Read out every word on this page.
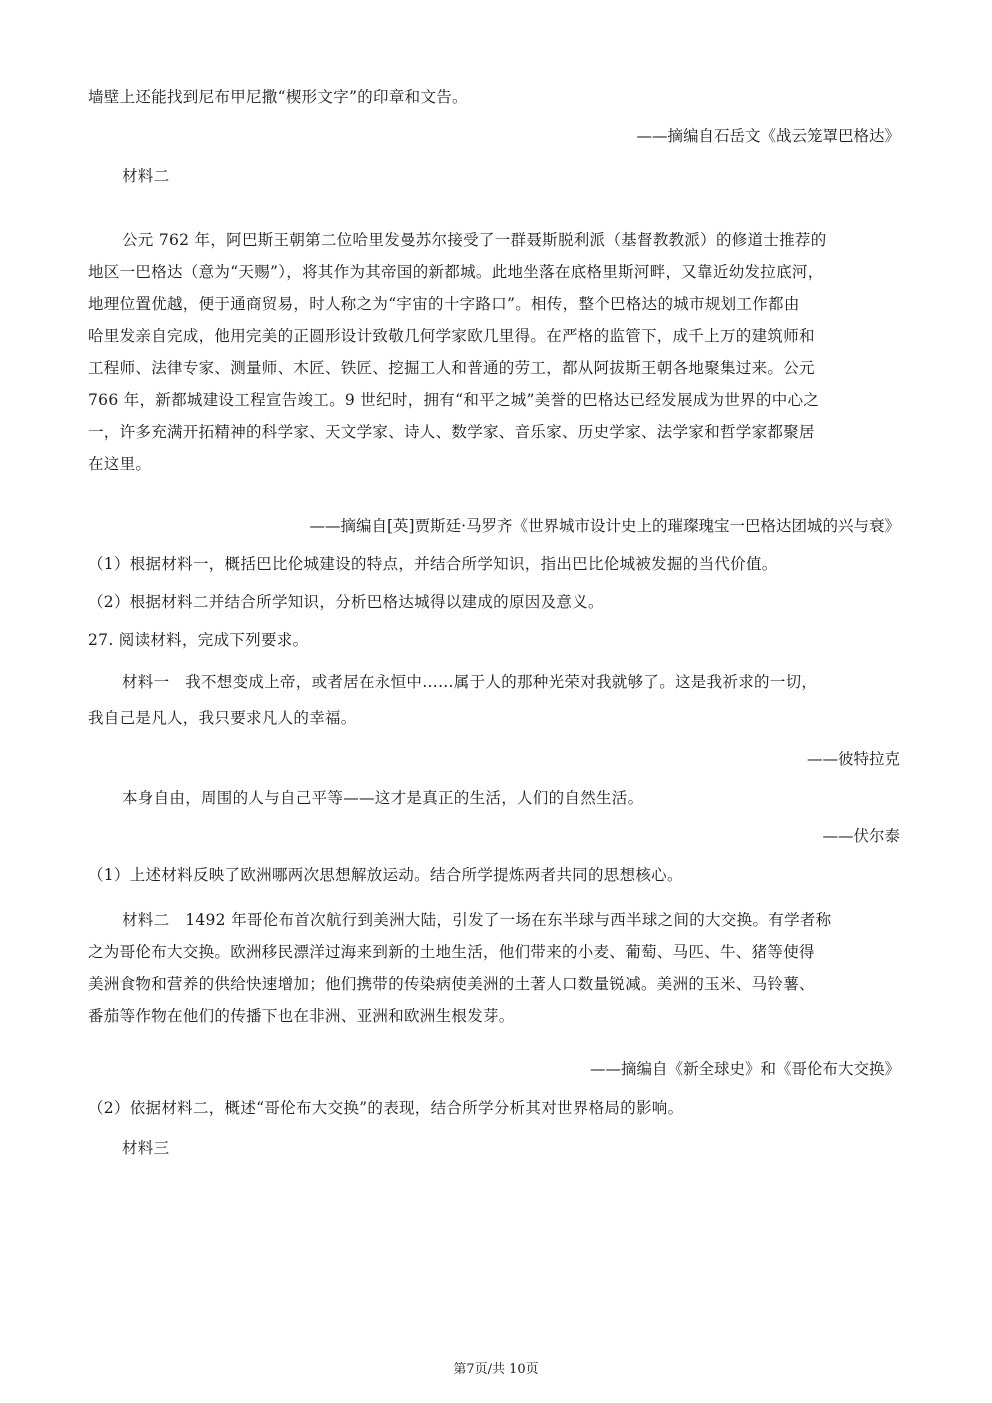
墙壁上还能找到尼布甲尼撒“楔形文字”的印章和文告。
——摘编自石岳文《战云笼罩巴格达》
材料二
公元 762 年，阿巴斯王朝第二位哈里发曼苏尔接受了一群聂斯脱利派（基督教教派）的修道士推荐的
地区一巴格达（意为“天赐”），将其作为其帝国的新都城。此地坐落在底格里斯河畔，又靠近幼发拉底河，
地理位置优越，便于通商贸易，时人称之为“宇宙的十字路口”。相传，整个巴格达的城市规划工作都由
哈里发亲自完成，他用完美的正圆形设计致敬几何学家欧几里得。在严格的监管下，成千上万的建筑师和
工程师、法律专家、测量师、木匠、铁匠、挖掘工人和普通的劳工，都从阿拔斯王朝各地聚集过来。公元
766 年，新都城建设工程宣告竣工。9 世纪时，拥有“和平之城”美誉的巴格达已经发展成为世界的中心之
一，许多充满开拓精神的科学家、天文学家、诗人、数学家、音乐家、历史学家、法学家和哲学家都聚居
在这里。
——摘编自[英]贾斯廷·马罗齐《世界城市设计史上的璀璨瑰宝一巴格达团城的兴与衰》
（1）根据材料一，概括巴比伦城建设的特点，并结合所学知识，指出巴比伦城被发掘的当代价值。
（2）根据材料二并结合所学知识，分析巴格达城得以建成的原因及意义。
27. 阅读材料，完成下列要求。
材料一　我不想变成上帝，或者居在永恒中……属于人的那种光荣对我就够了。这是我祈求的一切，
我自己是凡人，我只要求凡人的幸福。
——彼特拉克
本身自由，周围的人与自己平等——这才是真正的生活，人们的自然生活。
——伏尔泰
（1）上述材料反映了欧洲哪两次思想解放运动。结合所学提炼两者共同的思想核心。
材料二　1492 年哥伦布首次航行到美洲大陆，引发了一场在东半球与西半球之间的大交换。有学者称
之为哥伦布大交换。欧洲移民漂洋过海来到新的土地生活，他们带来的小麦、葡萄、马匹、牛、猪等使得
美洲食物和营养的供给快速增加；他们携带的传染病使美洲的土著人口数量锐减。美洲的玉米、马铃薯、
番茄等作物在他们的传播下也在非洲、亚洲和欧洲生根发芽。
——摘编自《新全球史》和《哥伦布大交换》
（2）依据材料二，概述“哥伦布大交换”的表现，结合所学分析其对世界格局的影响。
材料三
第7页/共 10页
